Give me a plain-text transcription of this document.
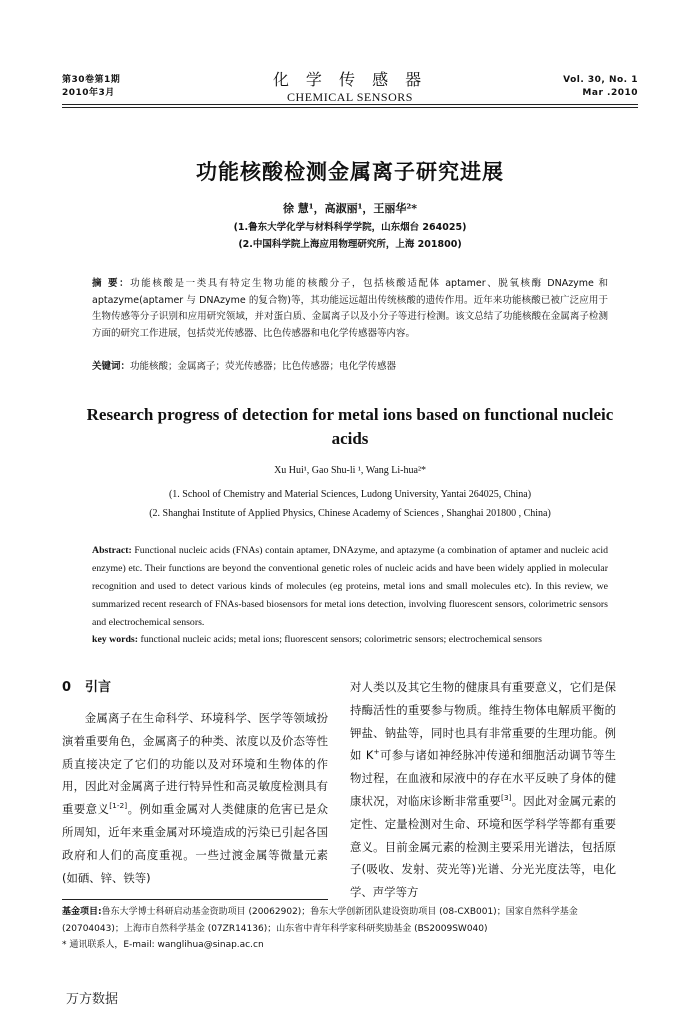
第30卷第1期
2010年3月
化 学 传 感 器
CHEMICAL SENSORS
Vol. 30, No. 1
Mar .2010
功能核酸检测金属离子研究进展
徐 慧¹，高淑丽¹，王丽华²*
(1.鲁东大学化学与材料科学学院，山东烟台 264025)
(2.中国科学院上海应用物理研究所，上海 201800)
摘 要：功能核酸是一类具有特定生物功能的核酸分子，包括核酸适配体 aptamer、脱氧核酶 DNAzyme 和 aptazyme(aptamer 与 DNAzyme 的复合物)等，其功能远远超出传统核酸的遗传作用。近年来功能核酸已被广泛应用于生物传感等分子识别和应用研究领域，并对蛋白质、金属离子以及小分子等进行检测。该文总结了功能核酸在金属离子检测方面的研究工作进展，包括荧光传感器、比色传感器和电化学传感器等内容。
关键词：功能核酸；金属离子；荧光传感器；比色传感器；电化学传感器
Research progress of detection for metal ions based on functional nucleic acids
Xu Hui¹, Gao Shu-li ¹, Wang Li-hua²*
(1. School of Chemistry and Material Sciences, Ludong University, Yantai 264025, China)
(2. Shanghai Institute of Applied Physics, Chinese Academy of Sciences , Shanghai 201800 , China)
Abstract: Functional nucleic acids (FNAs) contain aptamer, DNAzyme, and aptazyme (a combination of aptamer and nucleic acid enzyme) etc. Their functions are beyond the conventional genetic roles of nucleic acids and have been widely applied in molecular recognition and used to detect various kinds of molecules (eg proteins, metal ions and small molecules etc). In this review, we summarized recent research of FNAs-based biosensors for metal ions detection, involving fluorescent sensors, colorimetric sensors and electrochemical sensors.
key words: functional nucleic acids; metal ions; fluorescent sensors; colorimetric sensors; electrochemical sensors
0 引言
金属离子在生命科学、环境科学、医学等领域扮演着重要角色，金属离子的种类、浓度以及价态等性质直接决定了它们的功能以及对环境和生物体的作用，因此对金属离子进行特异性和高灵敏度检测具有重要意义[1-2]。例如重金属对人类健康的危害已是众所周知，近年来重金属对环境造成的污染已引起各国政府和人们的高度重视。一些过渡金属等微量元素(如硒、锌、铁等)
对人类以及其它生物的健康具有重要意义，它们是保持酶活性的重要参与物质。维持生物体电解质平衡的钾盐、钠盐等，同时也具有非常重要的生理功能。例如 K+可参与诸如神经脉冲传递和细胞活动调节等生物过程，在血液和尿液中的存在水平反映了身体的健康状况，对临床诊断非常重要[3]。因此对金属元素的定性、定量检测对生命、环境和医学科学等都有重要意义。目前金属元素的检测主要采用光谱法，包括原子(吸收、发射、荧光等)光谱、分光光度法等，电化学、声学等方
基金项目:鲁东大学博士科研启动基金资助项目 (20062902)；鲁东大学创新团队建设资助项目 (08-CXB001)；国家自然科学基金 (20704043)；上海市自然科学基金 (07ZR14136)；山东省中青年科学家科研奖励基金 (BS2009SW040)
* 通讯联系人，E-mail: wanglihua@sinap.ac.cn
万方数据
